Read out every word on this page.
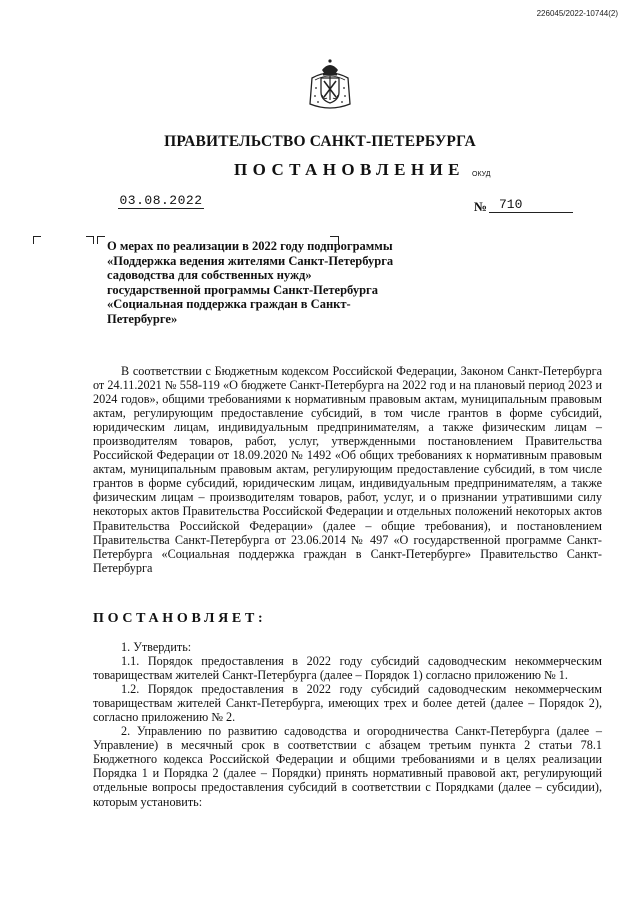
226045/2022-10744(2)
ПРАВИТЕЛЬСТВО САНКТ-ПЕТЕРБУРГА
ПОСТАНОВЛЕНИЕ ОКУД
03.08.2022	№ 710
О мерах по реализации в 2022 году подпрограммы «Поддержка ведения жителями Санкт-Петербурга садоводства для собственных нужд» государственной программы Санкт-Петербурга «Социальная поддержка граждан в Санкт-Петербурге»

В соответствии с Бюджетным кодексом Российской Федерации, Законом Санкт-Петербурга от 24.11.2021 № 558-119 «О бюджете Санкт-Петербурга на 2022 год и на плановый период 2023 и 2024 годов», общими требованиями к нормативным правовым актам, муниципальным правовым актам, регулирующим предоставление субсидий, в том числе грантов в форме субсидий, юридическим лицам, индивидуальным предпринимателям, а также физическим лицам – производителям товаров, работ, услуг, утвержденными постановлением Правительства Российской Федерации от 18.09.2020 № 1492 «Об общих требованиях к нормативным правовым актам, муниципальным правовым актам, регулирующим предоставление субсидий, в том числе грантов в форме субсидий, юридическим лицам, индивидуальным предпринимателям, а также физическим лицам – производителям товаров, работ, услуг, и о признании утратившими силу некоторых актов Правительства Российской Федерации и отдельных положений некоторых актов Правительства Российской Федерации» (далее – общие требования), и постановлением Правительства Санкт-Петербурга от 23.06.2014 № 497 «О государственной программе Санкт-Петербурга «Социальная поддержка граждан в Санкт-Петербурге» Правительство Санкт-Петербурга

ПОСТАНОВЛЯЕТ:

1. Утвердить:

1.1. Порядок предоставления в 2022 году субсидий садоводческим некоммерческим товариществам жителей Санкт-Петербурга (далее – Порядок 1) согласно приложению № 1.

1.2. Порядок предоставления в 2022 году субсидий садоводческим некоммерческим товариществам жителей Санкт-Петербурга, имеющих трех и более детей (далее – Порядок 2), согласно приложению № 2.

2. Управлению по развитию садоводства и огородничества Санкт-Петербурга (далее – Управление) в месячный срок в соответствии с абзацем третьим пункта 2 статьи 78.1 Бюджетного кодекса Российской Федерации и общими требованиями и в целях реализации Порядка 1 и Порядка 2 (далее – Порядки) принять нормативный правовой акт, регулирующий отдельные вопросы предоставления субсидий в соответствии с Порядками (далее – субсидии), которым установить:
